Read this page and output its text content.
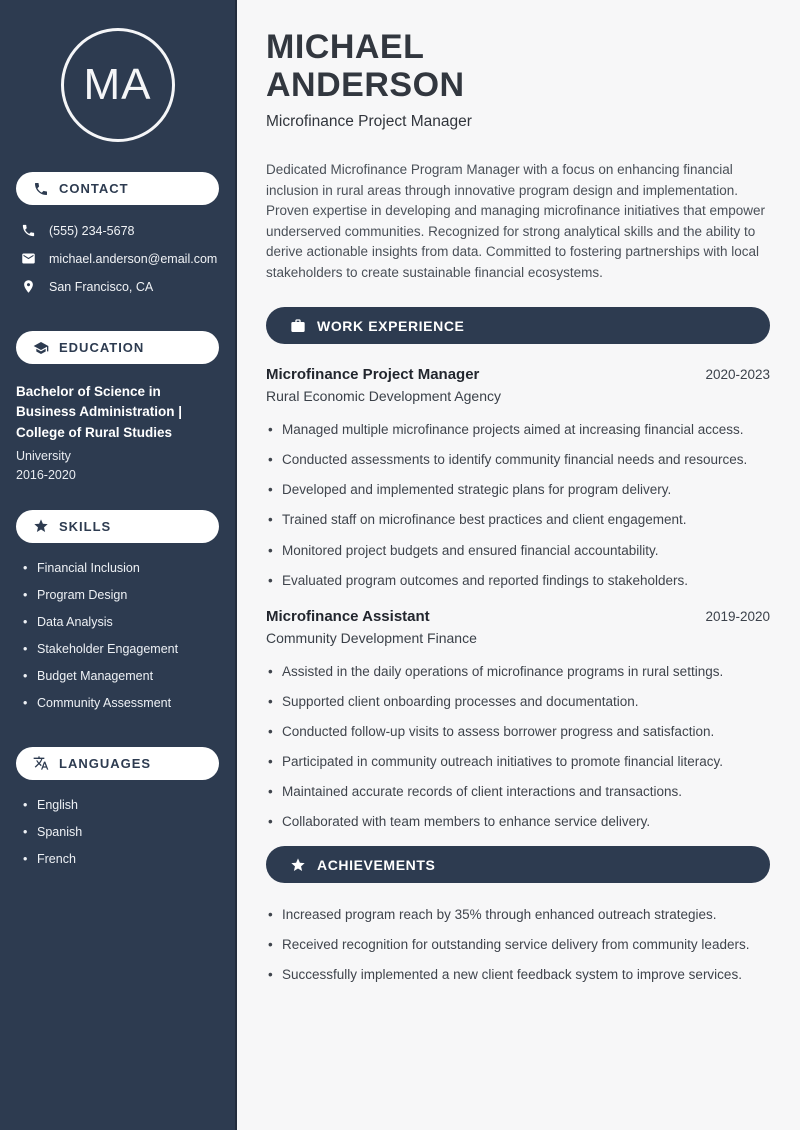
MA
CONTACT
(555) 234-5678
michael.anderson@email.com
San Francisco, CA
EDUCATION
Bachelor of Science in Business Administration | College of Rural Studies
University
2016-2020
SKILLS
• Financial Inclusion
• Program Design
• Data Analysis
• Stakeholder Engagement
• Budget Management
• Community Assessment
LANGUAGES
• English
• Spanish
• French
MICHAEL ANDERSON
Microfinance Project Manager

Dedicated Microfinance Program Manager with a focus on enhancing financial inclusion in rural areas through innovative program design and implementation. Proven expertise in developing and managing microfinance initiatives that empower underserved communities. Recognized for strong analytical skills and the ability to derive actionable insights from data. Committed to fostering partnerships with local stakeholders to create sustainable financial ecosystems.

WORK EXPERIENCE
Microfinance Project Manager	2020-2023
Rural Economic Development Agency
• Managed multiple microfinance projects aimed at increasing financial access.
• Conducted assessments to identify community financial needs and resources.
• Developed and implemented strategic plans for program delivery.
• Trained staff on microfinance best practices and client engagement.
• Monitored project budgets and ensured financial accountability.
• Evaluated program outcomes and reported findings to stakeholders.
Microfinance Assistant	2019-2020
Community Development Finance
• Assisted in the daily operations of microfinance programs in rural settings.
• Supported client onboarding processes and documentation.
• Conducted follow-up visits to assess borrower progress and satisfaction.
• Participated in community outreach initiatives to promote financial literacy.
• Maintained accurate records of client interactions and transactions.
• Collaborated with team members to enhance service delivery.
ACHIEVEMENTS
• Increased program reach by 35% through enhanced outreach strategies.
• Received recognition for outstanding service delivery from community leaders.
• Successfully implemented a new client feedback system to improve services.
